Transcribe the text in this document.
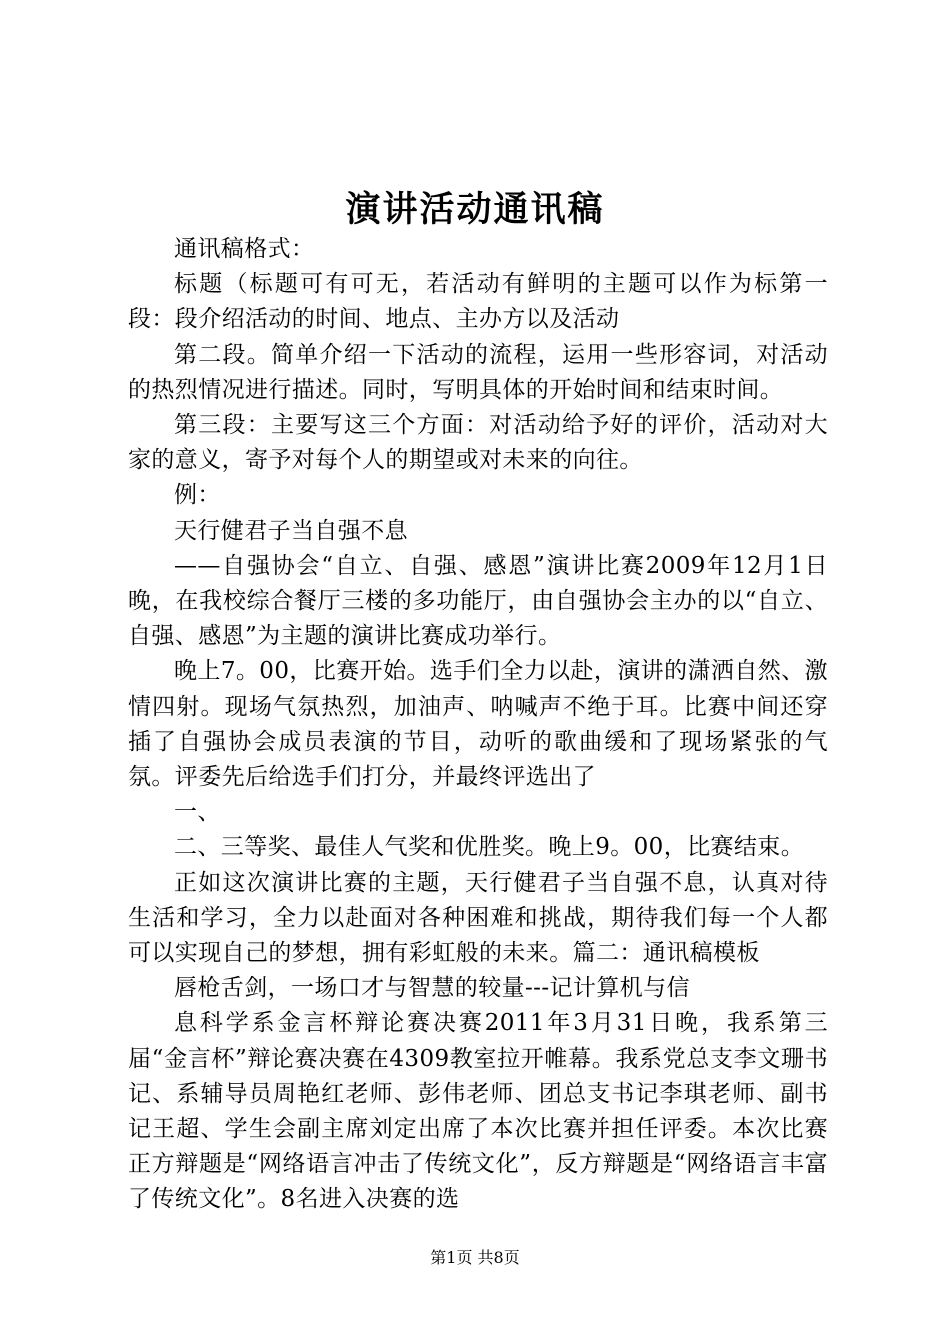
演讲活动通讯稿

通讯稿格式：

标题（标题可有可无，若活动有鲜明的主题可以作为标第一段：段介绍活动的时间、地点、主办方以及活动

第二段。简单介绍一下活动的流程，运用一些形容词，对活动的热烈情况进行描述。同时，写明具体的开始时间和结束时间。

第三段：主要写这三个方面：对活动给予好的评价，活动对大家的意义，寄予对每个人的期望或对未来的向往。

例：

天行健君子当自强不息

——自强协会“自立、自强、感恩”演讲比赛2009年12月1日晚，在我校综合餐厅三楼的多功能厅，由自强协会主办的以“自立、自强、感恩”为主题的演讲比赛成功举行。

晚上7。00，比赛开始。选手们全力以赴，演讲的潇洒自然、激情四射。现场气氛热烈，加油声、呐喊声不绝于耳。比赛中间还穿插了自强协会成员表演的节目，动听的歌曲缓和了现场紧张的气氛。评委先后给选手们打分，并最终评选出了

一、

二、三等奖、最佳人气奖和优胜奖。晚上9。00，比赛结束。

正如这次演讲比赛的主题，天行健君子当自强不息，认真对待生活和学习，全力以赴面对各种困难和挑战，期待我们每一个人都可以实现自己的梦想，拥有彩虹般的未来。篇二：通讯稿模板

唇枪舌剑，一场口才与智慧的较量---记计算机与信

息科学系金言杯辩论赛决赛2011年3月31日晚，我系第三届“金言杯”辩论赛决赛在4309教室拉开帷幕。我系党总支李文珊书记、系辅导员周艳红老师、彭伟老师、团总支书记李琪老师、副书记王超、学生会副主席刘定出席了本次比赛并担任评委。本次比赛正方辩题是“网络语言冲击了传统文化”，反方辩题是“网络语言丰富了传统文化”。8名进入决赛的选

第1页 共8页
